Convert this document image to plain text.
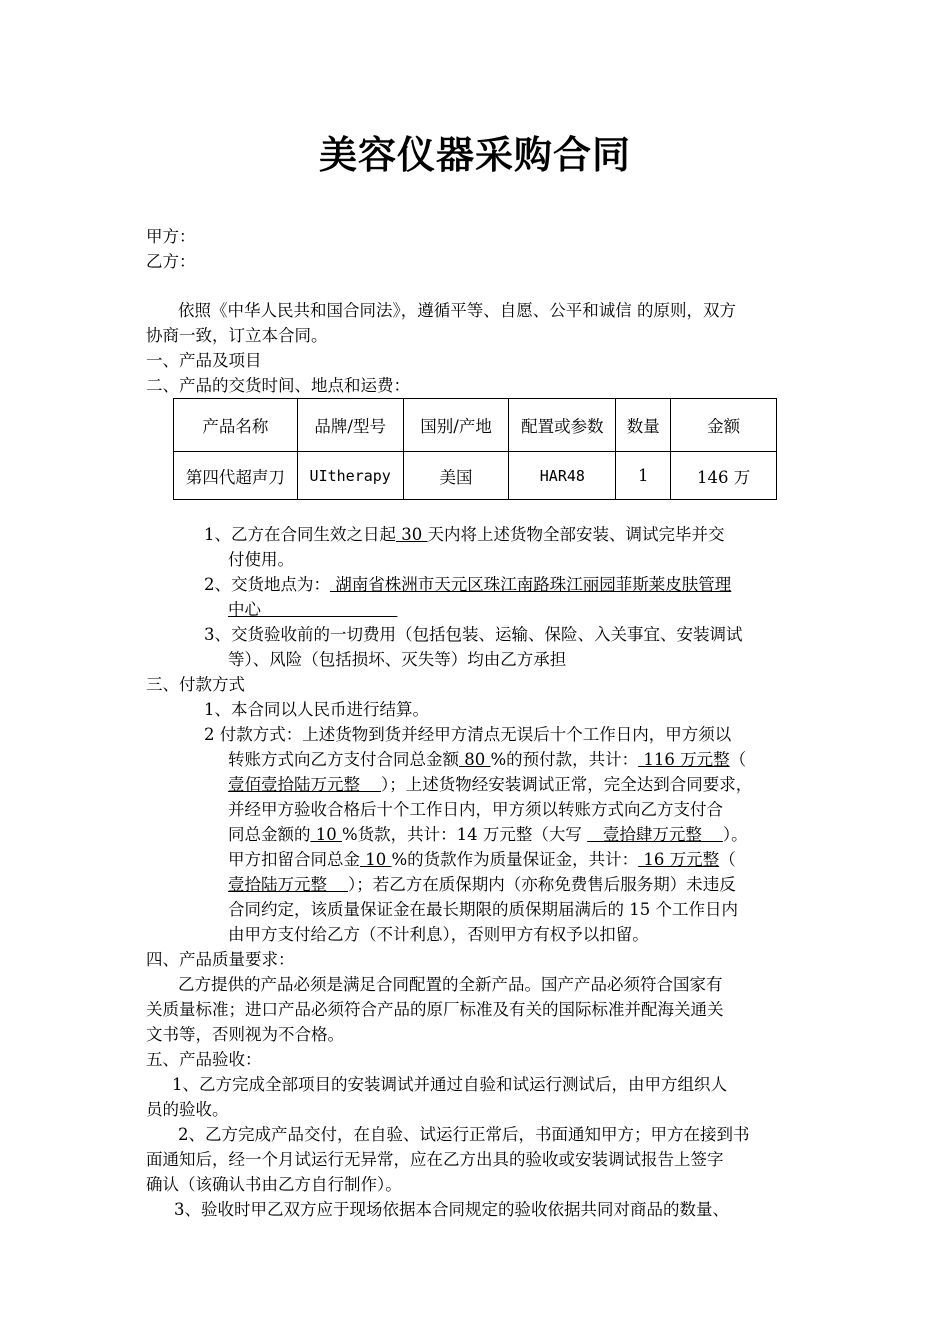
美容仪器采购合同
甲方：
乙方：
依照《中华人民共和国合同法》，遵循平等、自愿、公平和诚信 的原则，双方
协商一致，订立本合同。
一、产品及项目
二、产品的交货时间、地点和运费：
产品名称	品牌/型号	国别/产地	配置或参数	数量	金额
第四代超声刀	UItherapy	美国	HAR48	1	146 万
1、乙方在合同生效之日起 30 天内将上述货物全部安装、调试完毕并交
付使用。
2、交货地点为： 湖南省株洲市天元区珠江南路珠江丽园菲斯莱皮肤管理
中心
3、交货验收前的一切费用（包括包装、运输、保险、入关事宜、安装调试
等）、风险（包括损坏、灭失等）均由乙方承担
三、付款方式
1、本合同以人民币进行结算。
2 付款方式：上述货物到货并经甲方清点无误后十个工作日内，甲方须以
转账方式向乙方支付合同总金额 80 %的预付款，共计： 116 万元整（
壹佰壹拾陆万元整    ）；上述货物经安装调试正常，完全达到合同要求，
并经甲方验收合格后十个工作日内，甲方须以转账方式向乙方支付合
同总金额的 10 %货款，共计：14 万元整（大写    壹拾肆万元整    ）。
甲方扣留合同总金 10 %的货款作为质量保证金，共计： 16 万元整（
壹拾陆万元整    ）；若乙方在质保期内（亦称免费售后服务期）未违反
合同约定，该质量保证金在最长期限的质保期届满后的 15 个工作日内
由甲方支付给乙方（不计利息），否则甲方有权予以扣留。
四、产品质量要求：
乙方提供的产品必须是满足合同配置的全新产品。国产产品必须符合国家有
关质量标准；进口产品必须符合产品的原厂标准及有关的国际标准并配海关通关
文书等，否则视为不合格。
五、产品验收：
1、乙方完成全部项目的安装调试并通过自验和试运行测试后，由甲方组织人
员的验收。
2、乙方完成产品交付，在自验、试运行正常后，书面通知甲方；甲方在接到书
面通知后，经一个月试运行无异常，应在乙方出具的验收或安装调试报告上签字
确认（该确认书由乙方自行制作）。
3、验收时甲乙双方应于现场依据本合同规定的验收依据共同对商品的数量、
